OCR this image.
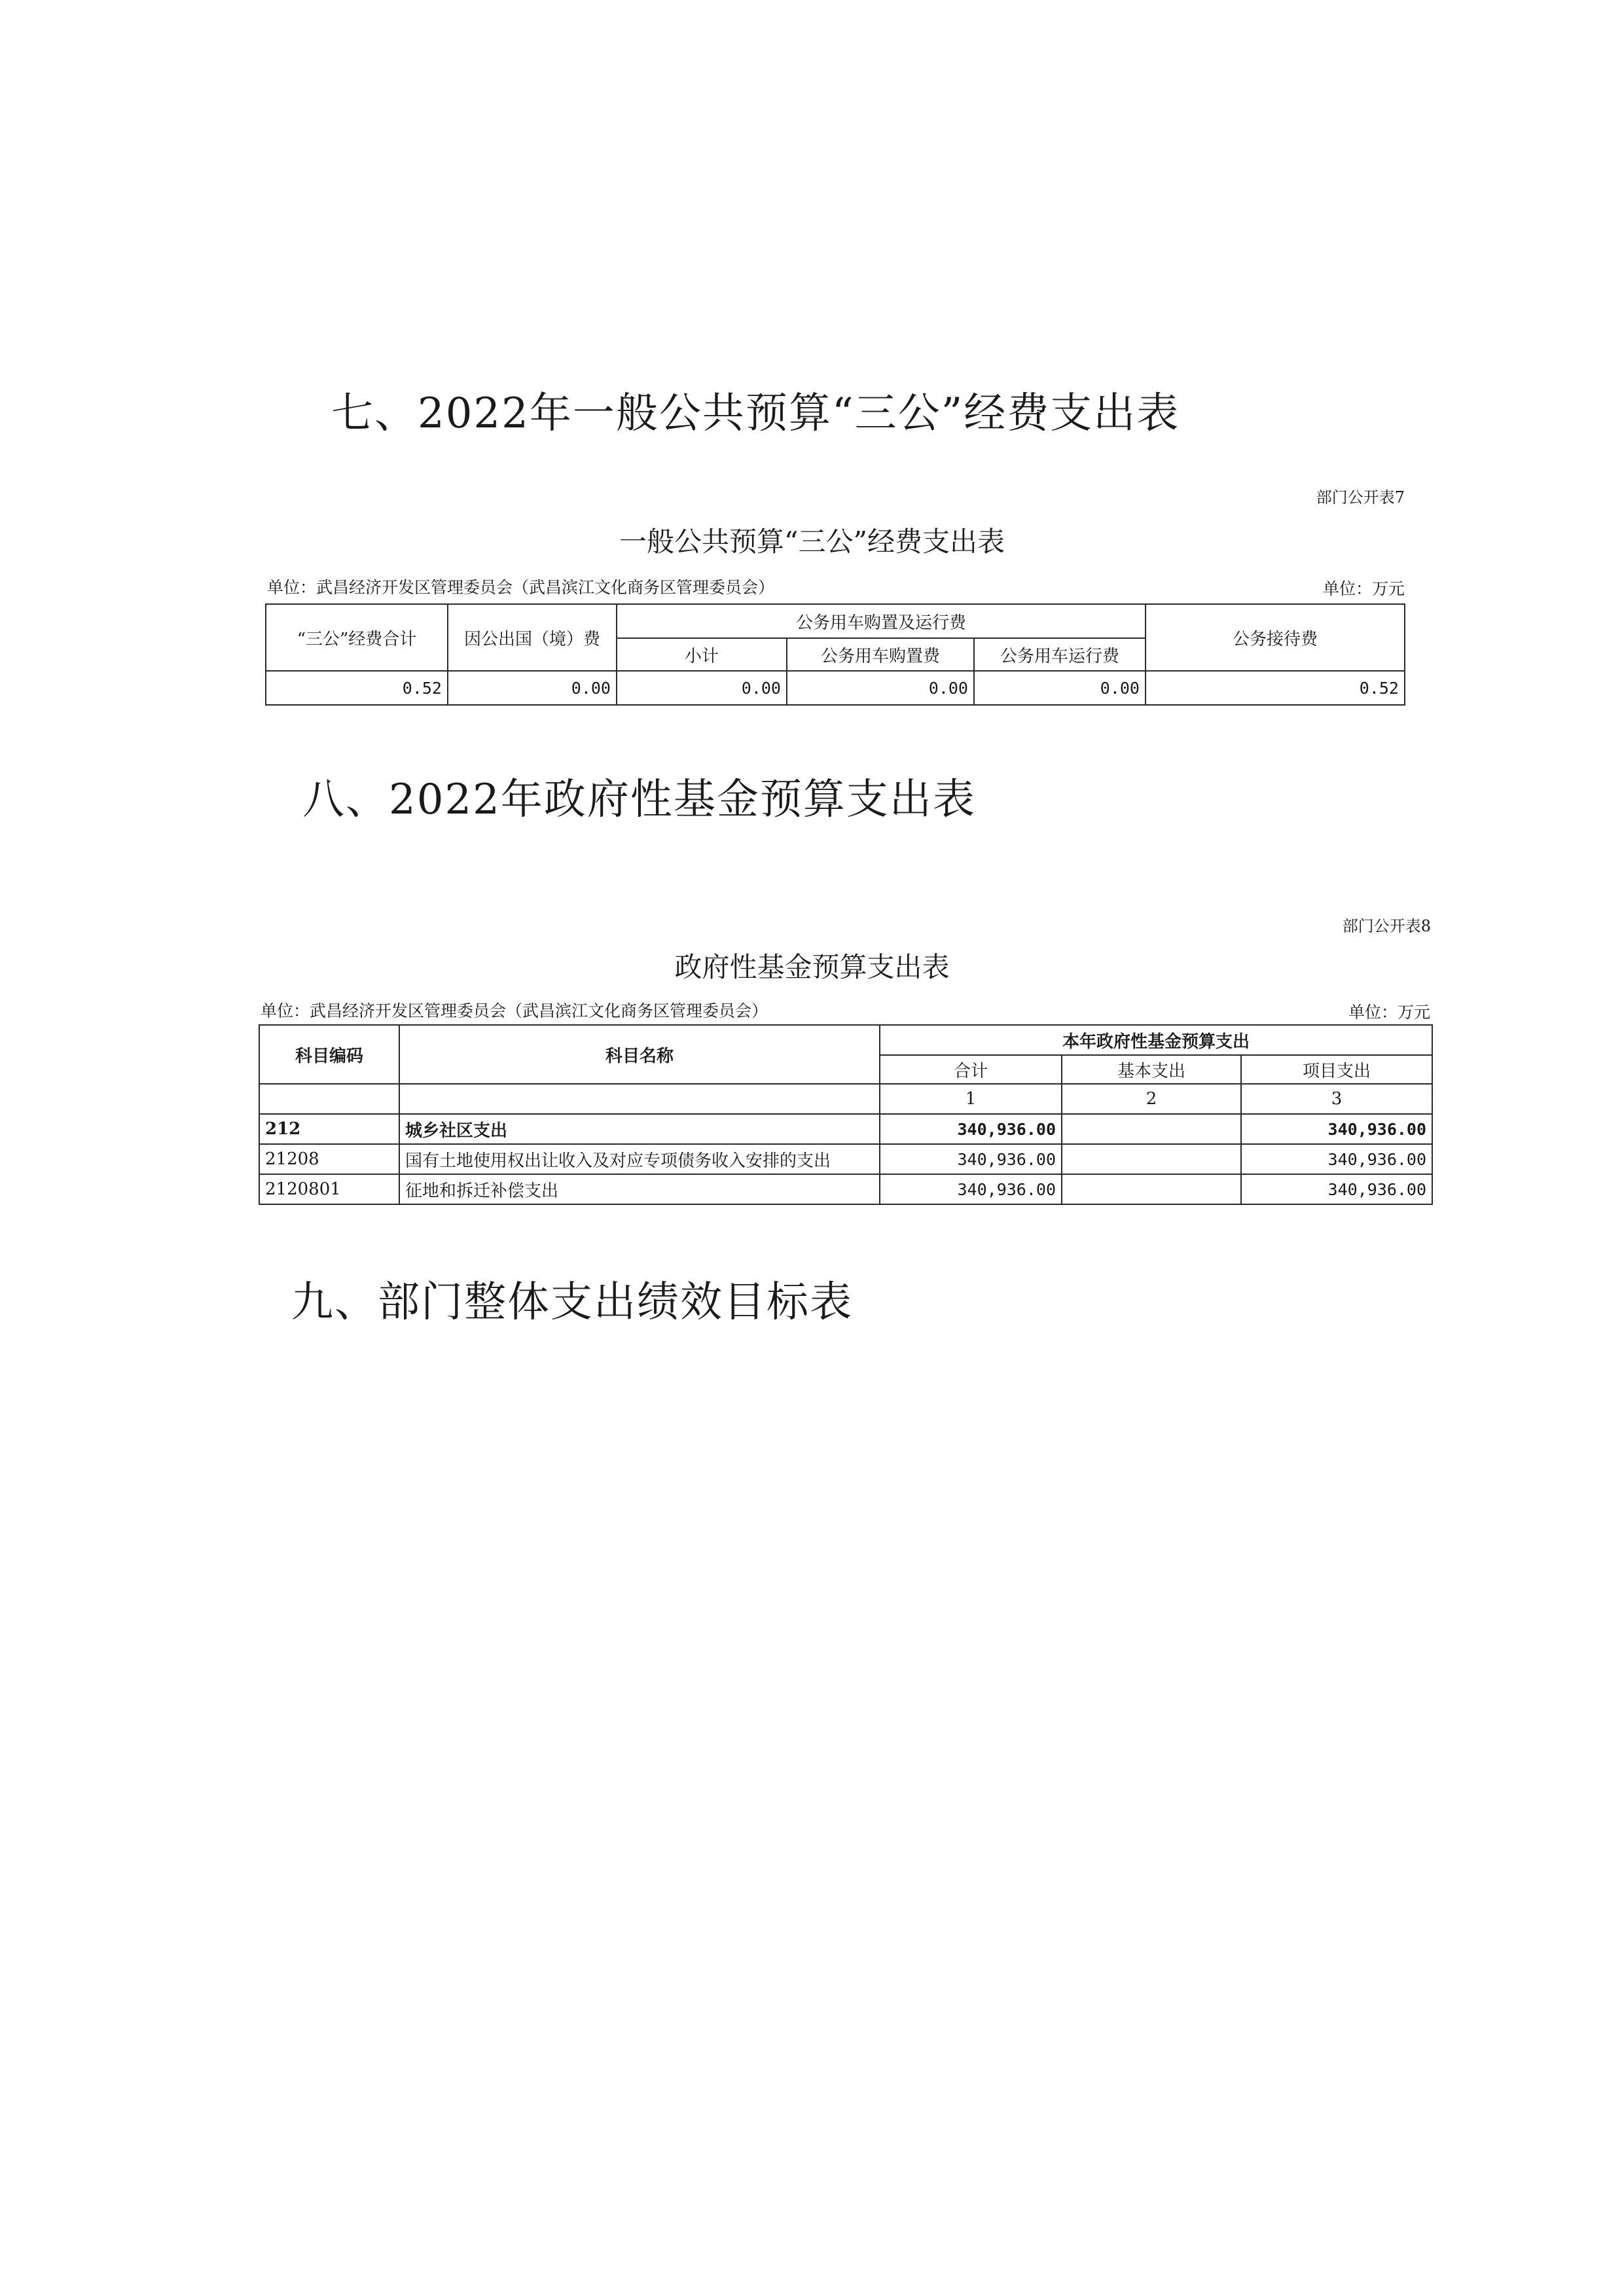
七、2022年一般公共预算“三公”经费支出表
部门公开表7
一般公共预算“三公”经费支出表
单位：武昌经济开发区管理委员会（武昌滨江文化商务区管理委员会）	单位：万元
“三公”经费合计	因公出国（境）费	公务用车购置及运行费			公务接待费
		小计	公务用车购置费	公务用车运行费	
0.52	0.00	0.00	0.00	0.00	0.52
八、2022年政府性基金预算支出表
部门公开表8
政府性基金预算支出表
单位：武昌经济开发区管理委员会（武昌滨江文化商务区管理委员会）	单位：万元
科目编码	科目名称	本年政府性基金预算支出		
		合计	基本支出	项目支出
		1	2	3
212	城乡社区支出	340,936.00		340,936.00
21208	国有土地使用权出让收入及对应专项债务收入安排的支出	340,936.00		340,936.00
2120801	征地和拆迁补偿支出	340,936.00		340,936.00
九、部门整体支出绩效目标表
